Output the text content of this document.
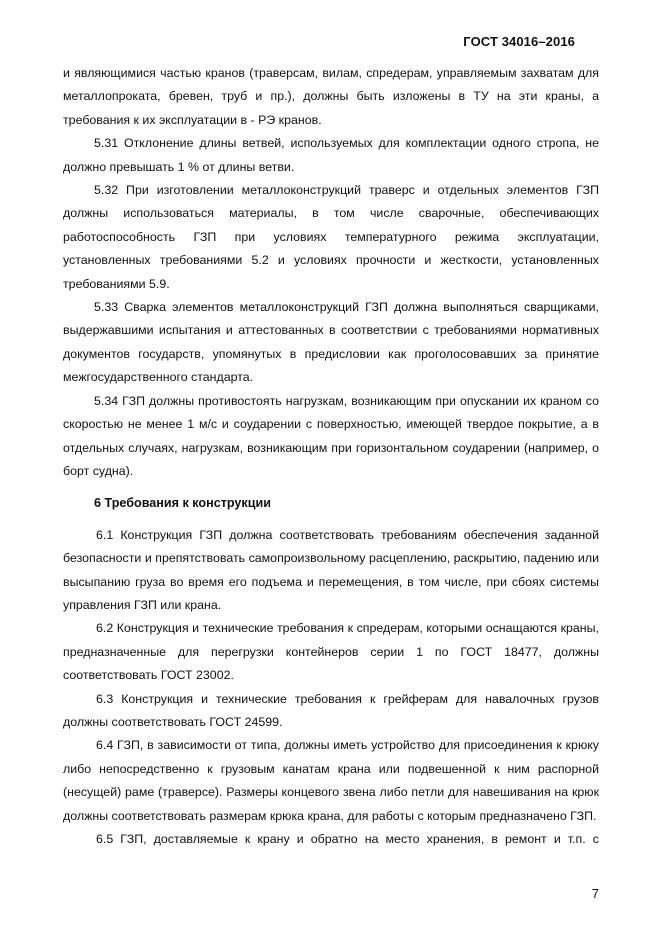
ГОСТ 34016–2016

и являющимися частью кранов (траверсам, вилам, спредерам, управляемым захватам для металлопроката, бревен, труб и пр.), должны быть изложены в ТУ на эти краны, а требования к их эксплуатации в - РЭ кранов.

5.31 Отклонение длины ветвей, используемых для комплектации одного стропа, не должно превышать 1 % от длины ветви.

5.32 При изготовлении металлоконструкций траверс и отдельных элементов ГЗП должны использоваться материалы, в том числе сварочные, обеспечивающих работоспособность ГЗП при условиях температурного режима эксплуатации, установленных требованиями 5.2 и условиях прочности и жесткости, установленных требованиями 5.9.

5.33 Сварка элементов металлоконструкций ГЗП должна выполняться сварщиками, выдержавшими испытания и аттестованных в соответствии с требованиями нормативных документов государств, упомянутых в предисловии как проголосовавших за принятие межгосударственного стандарта.

5.34 ГЗП должны противостоять нагрузкам, возникающим при опускании их краном со скоростью не менее 1 м/с и соударении с поверхностью, имеющей твердое покрытие, а в отдельных случаях, нагрузкам, возникающим при горизонтальном соударении (например, о борт судна).

6 Требования к конструкции

6.1 Конструкция ГЗП должна соответствовать требованиям обеспечения заданной безопасности и препятствовать самопроизвольному расцеплению, раскрытию, падению или высыпанию груза во время его подъема и перемещения, в том числе, при сбоях системы управления ГЗП или крана.

6.2 Конструкция и технические требования к спредерам, которыми оснащаются краны, предназначенные для перегрузки контейнеров серии 1 по ГОСТ 18477, должны соответствовать ГОСТ 23002.

6.3 Конструкция и технические требования к грейферам для навалочных грузов должны соответствовать ГОСТ 24599.

6.4 ГЗП, в зависимости от типа, должны иметь устройство для присоединения к крюку либо непосредственно к грузовым канатам крана или подвешенной к ним распорной (несущей) раме (траверсе). Размеры концевого звена либо петли для навешивания на крюк должны соответствовать размерам крюка крана, для работы с которым предназначено ГЗП.

6.5 ГЗП, доставляемые к крану и обратно на место хранения, в ремонт и т.п. с

7
